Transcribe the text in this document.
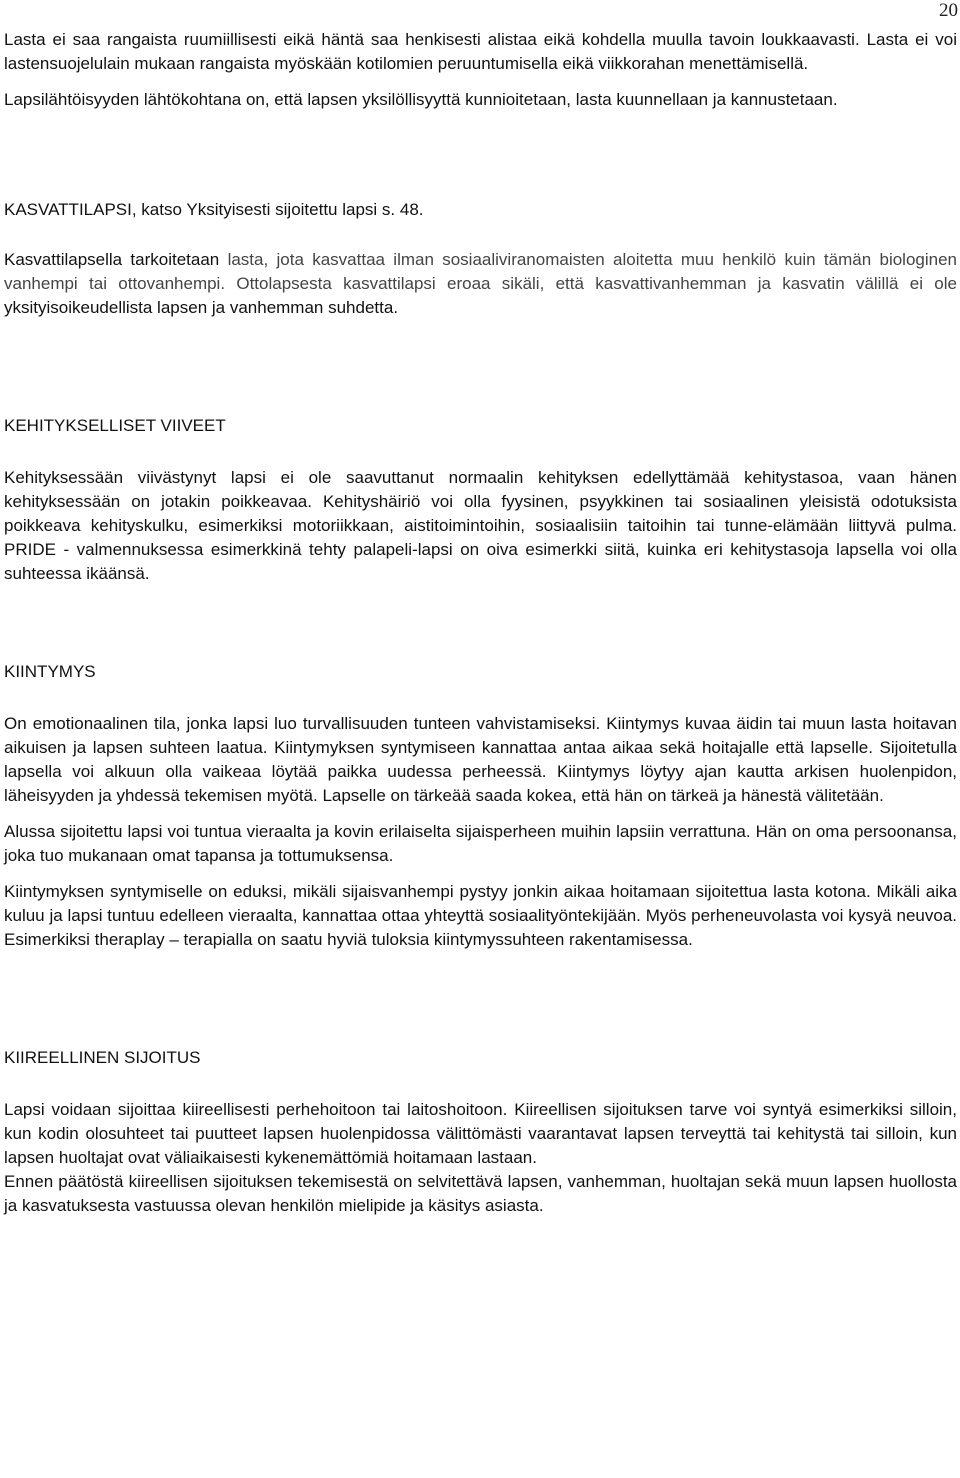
20

Lasta ei saa rangaista ruumiillisesti eikä häntä saa henkisesti alistaa eikä kohdella muulla tavoin loukkaavasti. Lasta ei voi lastensuojelulain mukaan rangaista myöskään kotilomien peruuntumisella eikä viikkorahan menettämisellä.

Lapsilähtöisyyden lähtökohtana on, että lapsen yksilöllisyyttä kunnioitetaan, lasta kuunnellaan ja kannustetaan.

KASVATTILAPSI, katso Yksityisesti sijoitettu lapsi s. 48.

Kasvattilapsella tarkoitetaan lasta, jota kasvattaa ilman sosiaaliviranomaisten aloitetta muu henkilö kuin tämän biologinen vanhempi tai ottovanhempi. Ottolapsesta kasvattilapsi eroaa sikäli, että kasvattivanhemman ja kasvatin välillä ei ole yksityisoikeudellista lapsen ja vanhemman suhdetta.

KEHITYKSELLISET VIIVEET

Kehityksessään viivästynyt lapsi ei ole saavuttanut normaalin kehityksen edellyttämää kehitystasoa, vaan hänen kehityksessään on jotakin poikkeavaa. Kehityshäiriö voi olla fyysinen, psyykkinen tai sosiaalinen yleisistä odotuksista poikkeava kehityskulku, esimerkiksi motoriikkaan, aistitoimintoihin, sosiaalisiin taitoihin tai tunne-elämään liittyvä pulma. PRIDE - valmennuksessa esimerkkinä tehty palapeli-lapsi on oiva esimerkki siitä, kuinka eri kehitystasoja lapsella voi olla suhteessa ikäänsä.

KIINTYMYS

On emotionaalinen tila, jonka lapsi luo turvallisuuden tunteen vahvistamiseksi. Kiintymys kuvaa äidin tai muun lasta hoitavan aikuisen ja lapsen suhteen laatua. Kiintymyksen syntymiseen kannattaa antaa aikaa sekä hoitajalle että lapselle. Sijoitetulla lapsella voi alkuun olla vaikeaa löytää paikka uudessa perheessä. Kiintymys löytyy ajan kautta arkisen huolenpidon, läheisyyden ja yhdessä tekemisen myötä. Lapselle on tärkeää saada kokea, että hän on tärkeä ja hänestä välitetään.

Alussa sijoitettu lapsi voi tuntua vieraalta ja kovin erilaiselta sijaisperheen muihin lapsiin verrattuna. Hän on oma persoonansa, joka tuo mukanaan omat tapansa ja tottumuksensa.

Kiintymyksen syntymiselle on eduksi, mikäli sijaisvanhempi pystyy jonkin aikaa hoitamaan sijoitettua lasta kotona. Mikäli aika kuluu ja lapsi tuntuu edelleen vieraalta, kannattaa ottaa yhteyttä sosiaalityöntekijään. Myös perheneuvolasta voi kysyä neuvoa. Esimerkiksi theraplay – terapialla on saatu hyviä tuloksia kiintymyssuhteen rakentamisessa.

KIIREELLINEN SIJOITUS

Lapsi voidaan sijoittaa kiireellisesti perhehoitoon tai laitoshoitoon. Kiireellisen sijoituksen tarve voi syntyä esimerkiksi silloin, kun kodin olosuhteet tai puutteet lapsen huolenpidossa välittömästi vaarantavat lapsen terveyttä tai kehitystä tai silloin, kun lapsen huoltajat ovat väliaikaisesti kykenemättömiä hoitamaan lastaan.

Ennen päätöstä kiireellisen sijoituksen tekemisestä on selvitettävä lapsen, vanhemman, huoltajan sekä muun lapsen huollosta ja kasvatuksesta vastuussa olevan henkilön mielipide ja käsitys asiasta.
